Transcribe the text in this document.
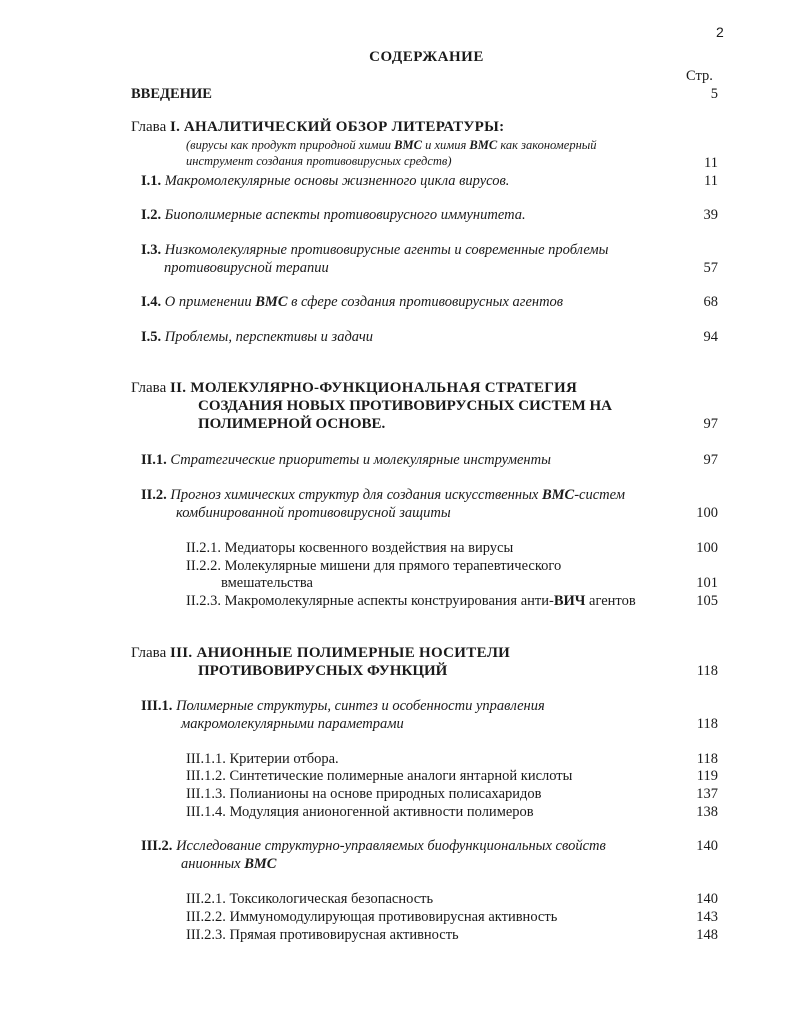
2
СОДЕРЖАНИЕ
Стр.
ВВЕДЕНИЕ	5
Глава I. АНАЛИТИЧЕСКИЙ ОБЗОР ЛИТЕРАТУРЫ:
(вирусы как продукт природной химии ВМС и химия ВМС как закономерный
инструмент создания противовирусных средств)	11
I.1. Макромолекулярные основы жизненного цикла вирусов.	11
I.2. Биополимерные аспекты противовирусного иммунитета.	39
I.3. Низкомолекулярные противовирусные агенты и современные проблемы
противовирусной терапии	57
I.4. О применении ВМС в сфере создания противовирусных агентов	68
I.5. Проблемы, перспективы и задачи	94
Глава II. МОЛЕКУЛЯРНО-ФУНКЦИОНАЛЬНАЯ СТРАТЕГИЯ
СОЗДАНИЯ НОВЫХ ПРОТИВОВИРУСНЫХ СИСТЕМ НА
ПОЛИМЕРНОЙ ОСНОВЕ.	97
II.1. Стратегические приоритеты и молекулярные инструменты	97
II.2. Прогноз химических структур для создания искусственных ВМС-систем
комбинированной противовирусной защиты	100
II.2.1. Медиаторы косвенного воздействия на вирусы	100
II.2.2. Молекулярные мишени для прямого терапевтического
вмешательства	101
II.2.3. Макромолекулярные аспекты конструирования анти-ВИЧ агентов	105
Глава III. АНИОННЫЕ ПОЛИМЕРНЫЕ НОСИТЕЛИ
ПРОТИВОВИРУСНЫХ ФУНКЦИЙ	118
III.1. Полимерные структуры, синтез и особенности управления
макромолекулярными параметрами	118
III.1.1. Критерии отбора.	118
III.1.2. Синтетические полимерные аналоги янтарной кислоты	119
III.1.3. Полианионы на основе природных полисахаридов	137
III.1.4. Модуляция анионогенной активности полимеров	138
III.2. Исследование структурно-управляемых биофункциональных свойств	140
анионных ВМС
III.2.1. Токсикологическая безопасность	140
III.2.2. Иммуномодулирующая противовирусная активность	143
III.2.3. Прямая противовирусная активность	148
